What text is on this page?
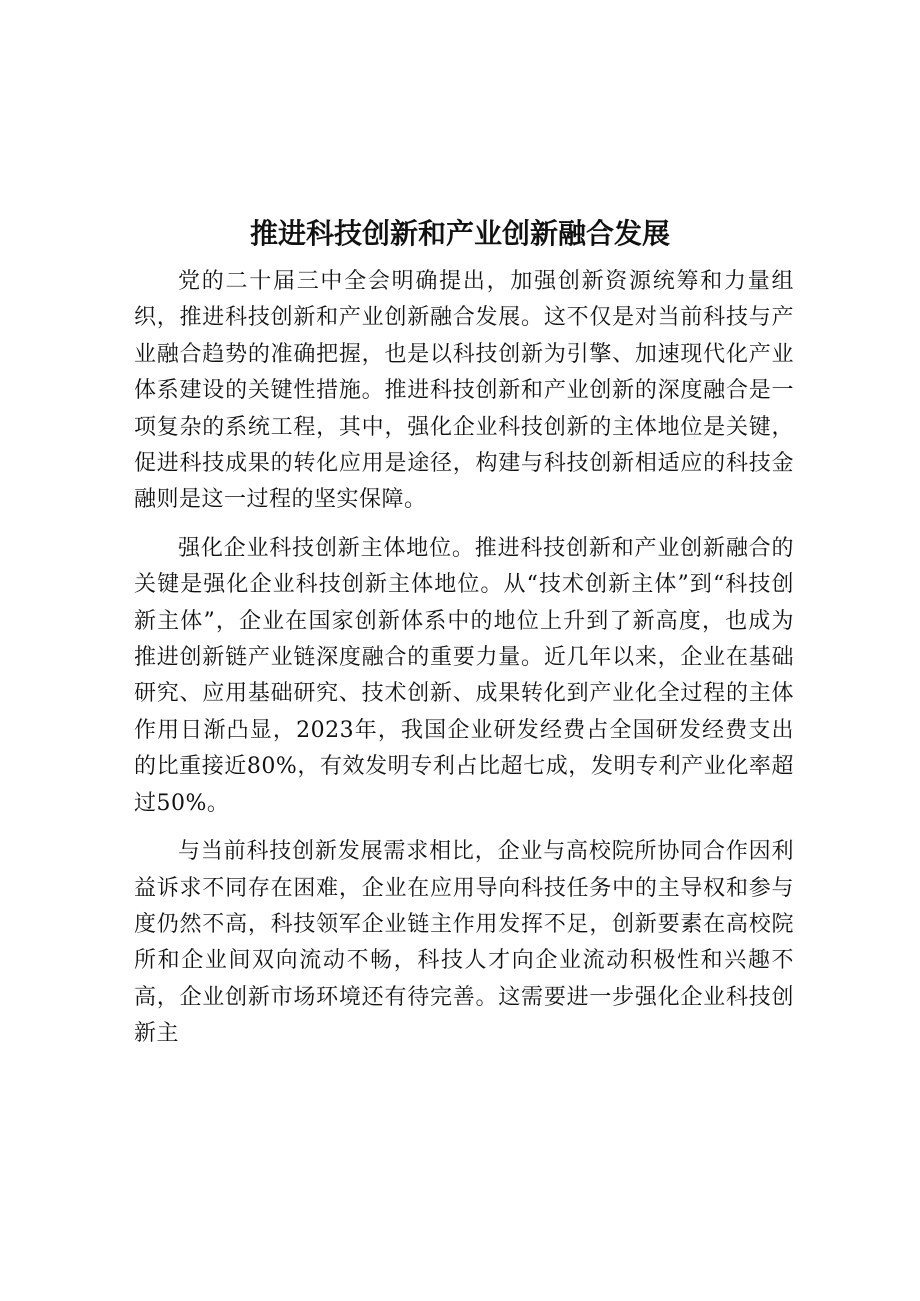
推进科技创新和产业创新融合发展

党的二十届三中全会明确提出，加强创新资源统筹和力量组织，推进科技创新和产业创新融合发展。这不仅是对当前科技与产业融合趋势的准确把握，也是以科技创新为引擎、加速现代化产业体系建设的关键性措施。推进科技创新和产业创新的深度融合是一项复杂的系统工程，其中，强化企业科技创新的主体地位是关键，促进科技成果的转化应用是途径，构建与科技创新相适应的科技金融则是这一过程的坚实保障。

强化企业科技创新主体地位。推进科技创新和产业创新融合的关键是强化企业科技创新主体地位。从“技术创新主体”到“科技创新主体”，企业在国家创新体系中的地位上升到了新高度，也成为推进创新链产业链深度融合的重要力量。近几年以来，企业在基础研究、应用基础研究、技术创新、成果转化到产业化全过程的主体作用日渐凸显，2023年，我国企业研发经费占全国研发经费支出的比重接近80%，有效发明专利占比超七成，发明专利产业化率超过50%。

与当前科技创新发展需求相比，企业与高校院所协同合作因利益诉求不同存在困难，企业在应用导向科技任务中的主导权和参与度仍然不高，科技领军企业链主作用发挥不足，创新要素在高校院所和企业间双向流动不畅，科技人才向企业流动积极性和兴趣不高，企业创新市场环境还有待完善。这需要进一步强化企业科技创新主
